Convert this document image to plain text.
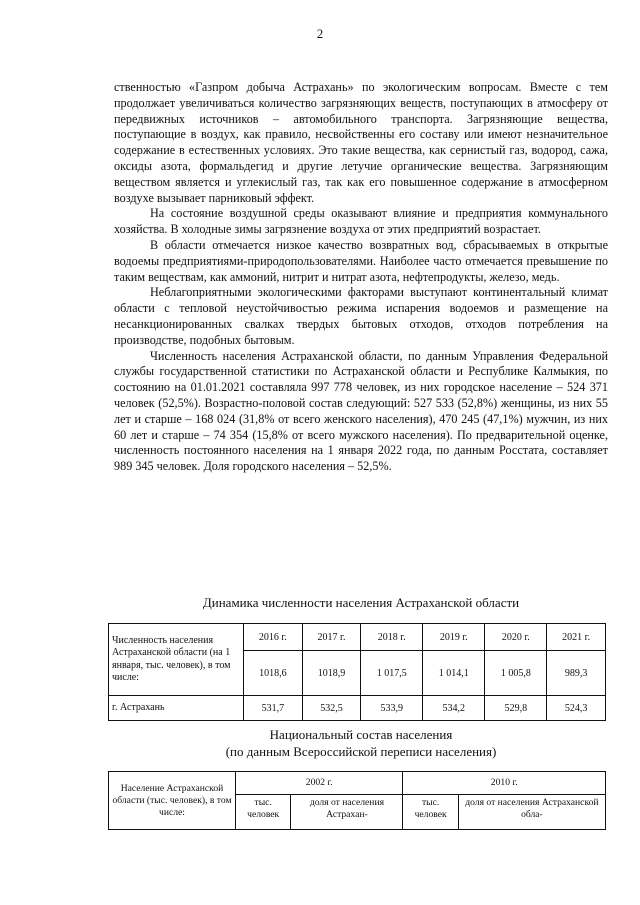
2

ственностью «Газпром добыча Астрахань» по экологическим вопросам. Вместе с тем продолжает увеличиваться количество загрязняющих веществ, поступающих в атмосферу от передвижных источников – автомобильного транспорта. Загрязняющие вещества, поступающие в воздух, как правило, несвойственны его составу или имеют незначительное содержание в естественных условиях. Это такие вещества, как сернистый газ, водород, сажа, оксиды азота, формальдегид и другие летучие органические вещества. Загрязняющим веществом является и углекислый газ, так как его повышенное содержание в атмосферном воздухе вызывает парниковый эффект.

На состояние воздушной среды оказывают влияние и предприятия коммунального хозяйства. В холодные зимы загрязнение воздуха от этих предприятий возрастает.

В области отмечается низкое качество возвратных вод, сбрасываемых в открытые водоемы предприятиями-природопользователями. Наиболее часто отмечается превышение по таким веществам, как аммоний, нитрит и нитрат азота, нефтепродукты, железо, медь.

Неблагоприятными экологическими факторами выступают континентальный климат области с тепловой неустойчивостью режима испарения водоемов и размещение на несанкционированных свалках твердых бытовых отходов, отходов потребления на производстве, подобных бытовым.

Численность населения Астраханской области, по данным Управления Федеральной службы государственной статистики по Астраханской области и Республике Калмыкия, по состоянию на 01.01.2021 составляла 997 778 человек, из них городское население – 524 371 человек (52,5%). Возрастно-половой состав следующий: 527 533 (52,8%) женщины, из них 55 лет и старше – 168 024 (31,8% от всего женского населения), 470 245 (47,1%) мужчин, из них 60 лет и старше – 74 354 (15,8% от всего мужского населения). По предварительной оценке, численность постоянного населения на 1 января 2022 года, по данным Росстата, составляет 989 345 человек. Доля городского населения – 52,5%.

Динамика численности населения Астраханской области
Численность населения Астраханской области (на 1 января, тыс. человек), в том числе:	2016 г.	2017 г.	2018 г.	2019 г.	2020 г.	2021 г.
	1018,6	1018,9	1 017,5	1 014,1	1 005,8	989,3
г. Астрахань	531,7	532,5	533,9	534,2	529,8	524,3
Национальный состав населения
(по данным Всероссийской переписи населения)
Население Астраханской области (тыс. человек), в том числе:	2002 г.		2010 г.	
	тыс. человек	доля от населения Астрахан-	тыс. человек	доля от населения Астраханской обла-
